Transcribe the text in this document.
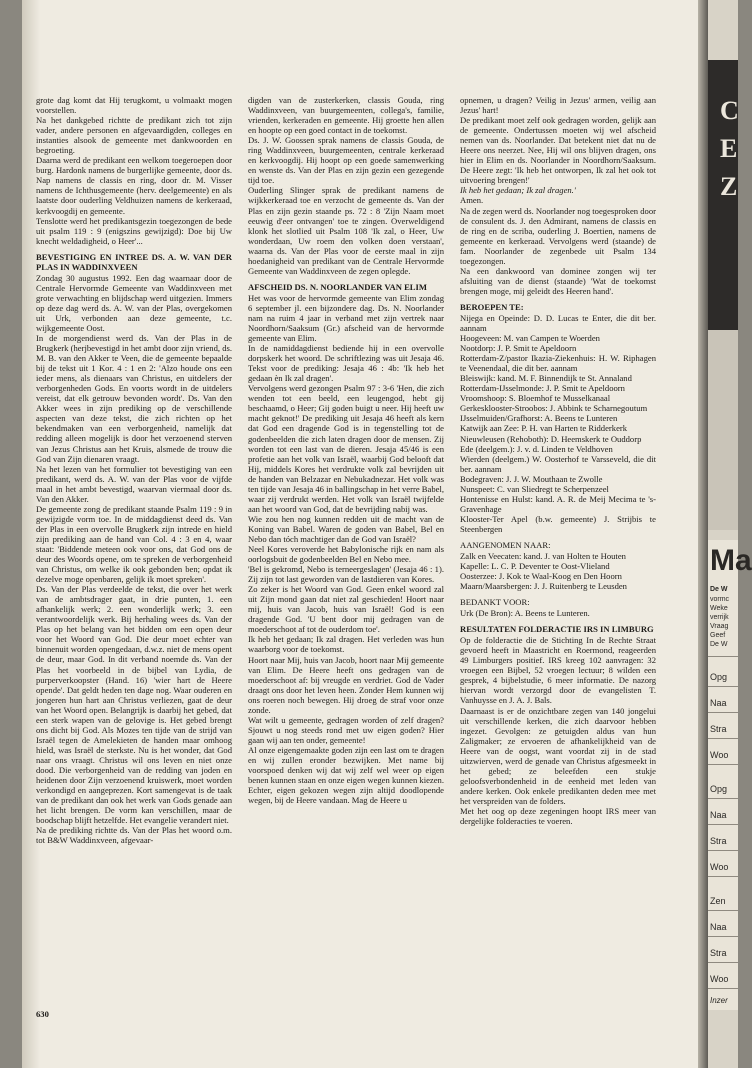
grote dag komt dat Hij terugkomt, u volmaakt mogen voorstellen.

Na het dankgebed richtte de predikant zich tot zijn vader, andere personen en afgevaardigden, colleges en instanties alsook de gemeente met dankwoorden en begroeting.

Daarna werd de predikant een welkom toegeroepen door burg. Hardonk namens de burgerlijke gemeente, door ds. Nap namens de classis en ring, door dr. M. Visser namens de Ichthusgemeente (herv. deelgemeente) en als laatste door ouderling Veldhuizen namens de kerkeraad, kerkvoogdij en gemeente.

Tenslotte werd het predikantsgezin toegezongen de bede uit psalm 119 : 9 (enigszins gewijzigd): Doe bij Uw knecht weldadigheid, o Heer'...

BEVESTIGING EN INTREE DS. A. W. VAN DER PLAS IN WADDINXVEEN

Zondag 30 augustus 1992. Een dag waarnaar door de Centrale Hervormde Gemeente van Waddinxveen met grote verwachting en blijdschap werd uitgezien. Immers op deze dag werd ds. A. W. van der Plas, overgekomen uit Urk, verbonden aan deze gemeente, t.c. wijkgemeente Oost.

In de morgendienst werd ds. Van der Plas in de Brugkerk (herjbevestigd in het ambt door zijn vriend, ds. M. B. van den Akker te Veen, die de gemeente bepaalde bij de tekst uit 1 Kor. 4 : 1 en 2: 'Alzo houde ons een ieder mens, als dienaars van Christus, en uitdelers der verborgenheden Gods. En voorts wordt in de uitdelers vereist, dat elk getrouw bevonden wordt'. Ds. Van den Akker wees in zijn prediking op de verschillende aspecten van deze tekst, die zich richten op het bekendmaken van een verborgenheid, namelijk dat redding alleen mogelijk is door het verzoenend sterven van Jezus Christus aan het Kruis, alsmede de trouw die God van Zijn dienaren vraagt.

Na het lezen van het formulier tot bevestiging van een predikant, werd ds. A. W. van der Plas voor de vijfde maal in het ambt bevestigd, waarvan viermaal door ds. Van den Akker.

De gemeente zong de predikant staande Psalm 119 : 9 in gewijzigde vorm toe. In de middagdienst deed ds. Van der Plas in een overvolle Brugkerk zijn intrede en hield zijn prediking aan de hand van Col. 4 : 3 en 4, waar staat: 'Biddende meteen ook voor ons, dat God ons de deur des Woords opene, om te spreken de verborgenheid van Christus, om welke ik ook gebonden ben; opdat ik dezelve moge openbaren, gelijk ik moet spreken'.

Ds. Van der Plas verdeelde de tekst, die over het werk van de ambtsdrager gaat, in drie punten, 1. een afhankelijk werk; 2. een wonderlijk werk; 3. een verantwoordelijk werk. Bij herhaling wees ds. Van der Plas op het belang van het bidden om een open deur voor het Woord van God. Die deur moet echter van binnenuit worden opengedaan, d.w.z. niet de mens opent de deur, maar God. In dit verband noemde ds. Van der Plas het voorbeeld in de bijbel van Lydia, de purperverkoopster (Hand. 16) 'wier hart de Heere opende'. Dat geldt heden ten dage nog. Waar ouderen en jongeren hun hart aan Christus verliezen, gaat de deur van het Woord open. Belangrijk is daarbij het gebed, dat een sterk wapen van de gelovige is. Het gebed brengt ons dicht bij God. Als Mozes ten tijde van de strijd van Israël tegen de Amelekieten de handen maar omhoog hield, was Israël de sterkste. Nu is het wonder, dat God naar ons vraagt. Christus wil ons leven en niet onze dood. Die verborgenheid van de redding van joden en heidenen door Zijn verzoenend kruiswerk, moet worden verkondigd en aangeprezen. Kort samengevat is de taak van de predikant dan ook het werk van Gods genade aan het licht brengen. De vorm kan verschillen, maar de boodschap blijft hetzelfde. Het evangelie verandert niet.

Na de prediking richtte ds. Van der Plas het woord o.m. tot B&W Waddinxveen, afgevaar-

digden van de zusterkerken, classis Gouda, ring Waddinxveen, van buurgemeenten, collega's, familie, vrienden, kerkeraden en gemeente. Hij groette hen allen en hoopte op een goed contact in de toekomst.

Ds. J. W. Goossen sprak namens de classis Gouda, de ring Waddinxveen, buurgemeenten, centrale kerkeraad en kerkvoogdij. Hij hoopt op een goede samenwerking en wenste ds. Van der Plas en zijn gezin een gezegende tijd toe.

Ouderling Slinger sprak de predikant namens de wijkkerkeraad toe en verzocht de gemeente ds. Van der Plas en zijn gezin staande ps. 72 : 8 'Zijn Naam moet eeuwig d'eer ontvangen' toe te zingen. Overweldigend klonk het slotlied uit Psalm 108 'Ik zal, o Heer, Uw wonderdaan, Uw roem den volken doen verstaan', waarna ds. Van der Plas voor de eerste maal in zijn hoedanigheid van predikant van de Centrale Hervormde Gemeente van Waddinxveen de zegen oplegde.

AFSCHEID DS. N. NOORLANDER VAN ELIM

Het was voor de hervormde gemeente van Elim zondag 6 september jl. een bijzondere dag. Ds. N. Noorlander nam na ruim 4 jaar in verband met zijn vertrek naar Noordhorn/Saaksum (Gr.) afscheid van de hervormde gemeente van Elim.

In de namiddagdienst bediende hij in een overvolle dorpskerk het woord. De schriftlezing was uit Jesaja 46. Tekst voor de prediking: Jesaja 46 : 4b: 'Ik heb het gedaan èn Ik zal dragen'.

Vervolgens werd gezongen Psalm 97 : 3-6 'Hen, die zich wenden tot een beeld, een leugengod, hebt gij beschaamd, o Heer; Gij goden buigt u neer. Hij heeft uw macht geknot!' De prediking uit Jesaja 46 heeft als kern dat God een dragende God is in tegenstelling tot de godenbeelden die zich laten dragen door de mensen. Zij worden tot een last van de dieren. Jesaja 45/46 is een profetie aan het volk van Israël, waarbij God belooft dat Hij, middels Kores het verdrukte volk zal bevrijden uit de handen van Belzazar en Nebukadnezar. Het volk was ten tijde van Jesaja 46 in ballingschap in het verre Babel, waar zij verdrukt werden. Het volk van Israël twijfelde aan het woord van God, dat de bevrijding nabij was.

Wie zou hen nog kunnen redden uit de macht van de Koning van Babel. Waren de goden van Babel, Bel en Nebo dan tóch machtiger dan de God van Israël?

Neel Kores veroverde het Babylonische rijk en nam als oorlogsbuit de godenbeelden Bel en Nebo mee.

'Bel is gekromd, Nebo is terneergeslagen' (Jesaja 46 : 1). Zij zijn tot last geworden van de lastdieren van Kores.

Zo zeker is het Woord van God. Geen enkel woord zal uit Zijn mond gaan dat niet zal geschieden! Hoort naar mij, huis van Jacob, huis van Israël! God is een dragende God. 'U bent door mij gedragen van de moederschoot af tot de ouderdom toe'.

Ik heb het gedaan; Ik zal dragen. Het verleden was hun waarborg voor de toekomst.

Hoort naar Mij, huis van Jacob, hoort naar Mij gemeente van Elim. De Heere heeft ons gedragen van de moederschoot af: bij vreugde en verdriet. God de Vader draagt ons door het leven heen. Zonder Hem kunnen wij ons roeren noch bewegen. Hij droeg de straf voor onze zonde.

Wat wilt u gemeente, gedragen worden of zelf dragen? Sjouwt u nog steeds rond met uw eigen goden? Hier gaan wij aan ten onder, gemeente!

Al onze eigengemaakte goden zijn een last om te dragen en wij zullen eronder bezwijken. Met name bij voorspoed denken wij dat wij zelf wel weer op eigen benen kunnen staan en onze eigen wegen kunnen kiezen. Echter, eigen gekozen wegen zijn altijd doodlopende wegen, bij de Heere vandaan. Mag de Heere u

opnemen, u dragen? Veilig in Jezus' armen, veilig aan Jezus' hart!

De predikant moet zelf ook gedragen worden, gelijk aan de gemeente. Ondertussen moeten wij wel afscheid nemen van ds. Noorlander. Dat betekent niet dat nu de Heere ons neerzet. Nee, Hij wil ons blijven dragen, ons hier in Elim en ds. Noorlander in Noordhorn/Saaksum. De Heere zegt: 'Ik heb het ontworpen, Ik zal het ook tot uitvoering brengen!'

Ik heb het gedaan; Ik zal dragen.'

Amen.

Na de zegen werd ds. Noorlander nog toegesproken door de consulent ds. J. den Admirant, namens de classis en de ring en de scriba, ouderling J. Boertien, namens de gemeente en kerkeraad. Vervolgens werd (staande) de fam. Noorlander de zegenbede uit Psalm 134 toegezongen.

Na een dankwoord van dominee zongen wij ter afsluiting van de dienst (staande) 'Wat de toekomst brengen moge, mij geleidt des Heeren hand'.

BEROEPEN TE:
Nijega en Opeinde: D. D. Lucas te Enter, die dit ber. aannam
Hoogeveen: M. van Campen te Woerden
Nootdorp: J. P. Smit te Apeldoorn
Rotterdam-Z/pastor Ikazia-Ziekenhuis: H. W. Riphagen te Veenendaal, die dit ber. aannam
Bleiswijk: kand. M. F. Binnendijk te St. Annaland
Rotterdam-IJsselmonde: J. P. Smit te Apeldoorn
Vroomshoop: S. Bloemhof te Musselkanaal
Gerkesklooster-Stroobos: J. Abbink te Scharnegoutum
IJsselmuiden/Grafhorst: A. Beens te Lunteren
Katwijk aan Zee: P. H. van Harten te Ridderkerk
Nieuwleusen (Rehoboth): D. Heemskerk te Ouddorp
Ede (deelgem.): J. v. d. Linden te Veldhoven
Wierden (deelgem.) W. Oosterhof te Varsseveld, die dit ber. aannam
Bodegraven: J. J. W. Mouthaan te Zwolle
Nunspeet: C. van Sliedregt te Scherpenzeel
Hontenisse en Hulst: kand. A. R. de Meij Mecima te 's-Gravenhage
Klooster-Ter Apel (b.w. gemeente) J. Strijbis te Steenbergen
AANGENOMEN NAAR:
Zalk en Veecaten: kand. J. van Holten te Houten
Kapelle: L. C. P. Deventer te Oost-Vlieland
Oosterzee: J. Kok te Waal-Koog en Den Hoorn
Maarn/Maarsbergen: J. J. Ruitenberg te Leusden
BEDANKT VOOR:
Urk (De Bron): A. Beens te Lunteren.
RESULTATEN FOLDERACTIE IRS IN LIMBURG

Op de folderactie die de Stichting In de Rechte Straat gevoerd heeft in Maastricht en Roermond, reageerden 49 Limburgers positief. IRS kreeg 102 aanvragen: 32 vroegen een Bijbel, 52 vroegen lectuur; 8 wilden een gesprek, 4 bijbelstudie, 6 meer informatie. De nazorg hiervan wordt verzorgd door de evangelisten T. Vanhuysse en J. A. J. Bals.

Daarnaast is er de onzichtbare zegen van 140 jongelui uit verschillende kerken, die zich daarvoor hebben ingezet. Gevolgen: ze getuigden aldus van hun Zaligmaker; ze ervoeren de afhankelijkheid van de Heere van de oogst, want voordat zij in de stad uitzwierven, werd de genade van Christus afgesmeekt in het gebed; ze beleefden een stukje geloofsverbondenheid in de eenheid met leden van andere kerken. Ook enkele predikanten deden mee met het verspreiden van de folders.

Met het oog op deze zegeningen hoopt IRS meer van dergelijke folderacties te voeren.

630
C
E
Z
Ma
De W
vormc
Weke
verrijk
Vraag
Geef
De W
Opg
Naa
Stra
Woo
Opg
Naa
Stra
Woo
Zen
Naa
Stra
Woo
Inzer
